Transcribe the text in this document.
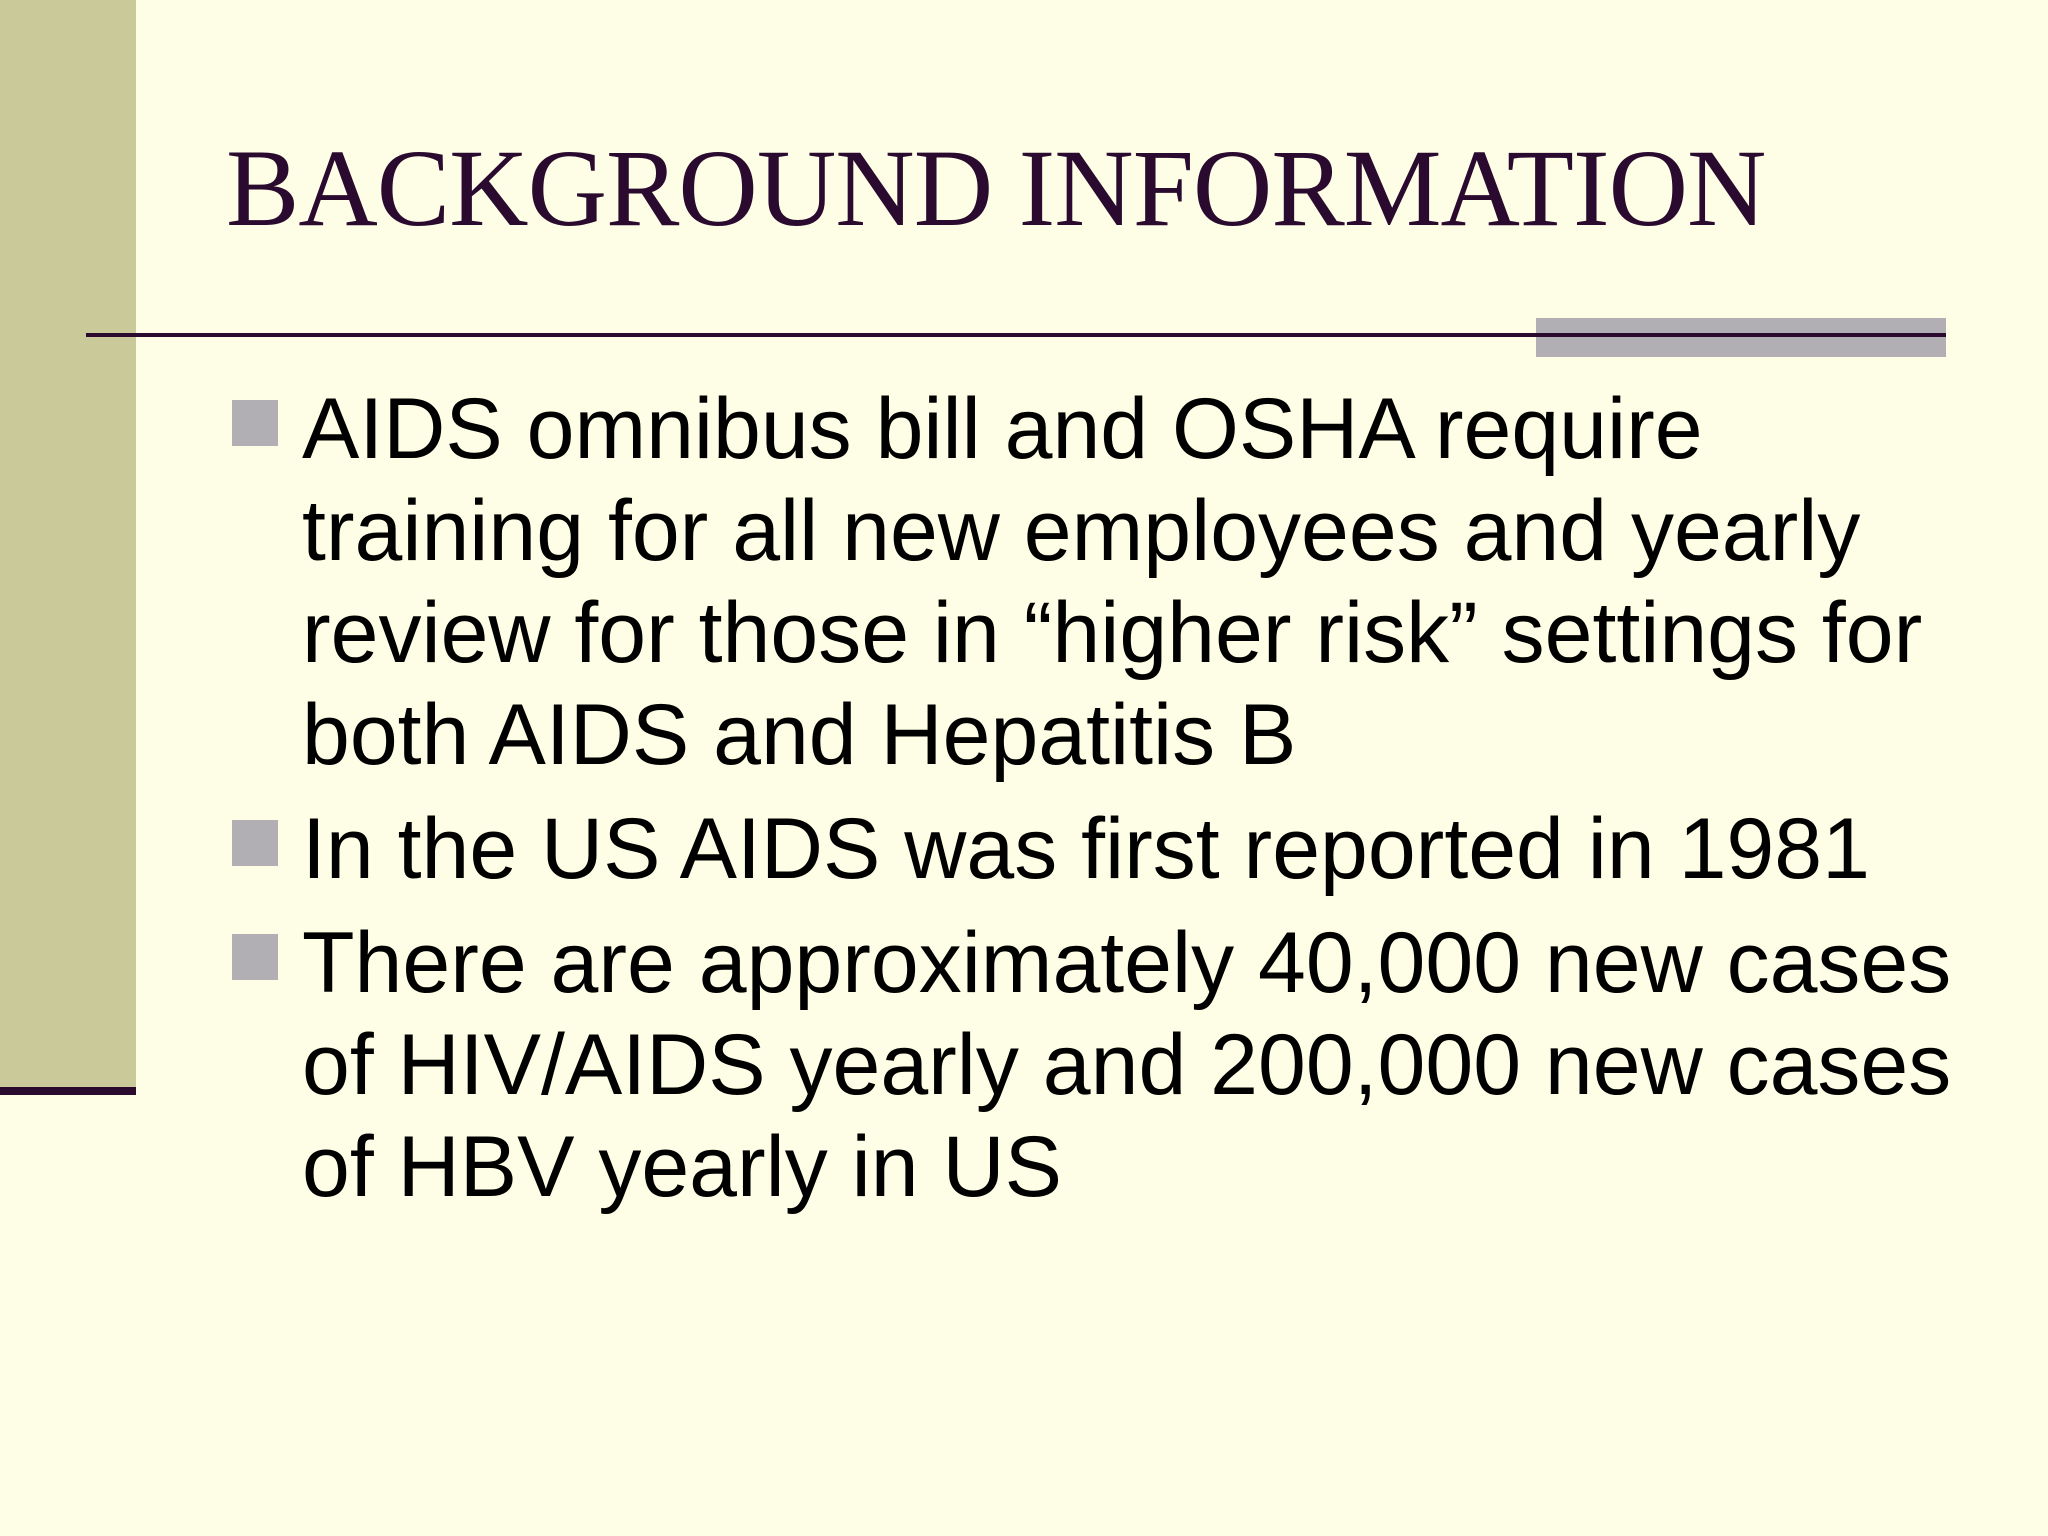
BACKGROUND INFORMATION
AIDS omnibus bill and OSHA require training for all new employees and yearly review for those in “higher risk” settings for both AIDS and Hepatitis B
In the US AIDS was first reported in 1981
There are approximately 40,000 new cases of HIV/AIDS yearly and 200,000 new cases of HBV yearly in US
